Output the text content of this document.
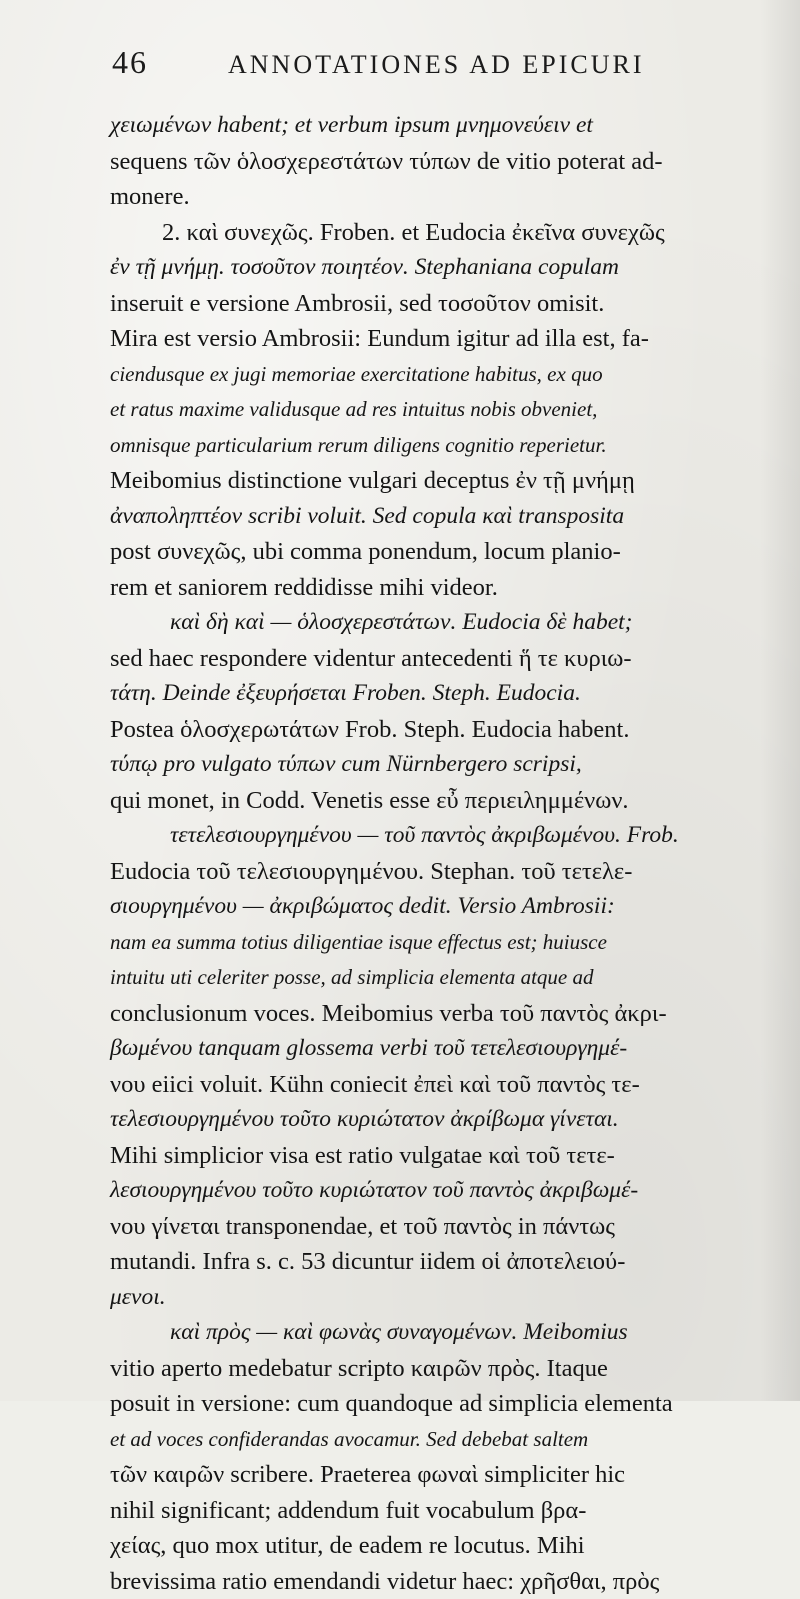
46	ANNOTATIONES AD EPICURI
χειωμένων habent; et verbum ipsum μνημονεύειν et
sequens τῶν ὁλοσχερεστάτων τύπων de vitio poterat ad-
monere.
2. καὶ συνεχῶς. Froben. et Eudocia ἐκεῖνα συνεχῶς
ἐν τῇ μνήμῃ. τοσοῦτον ποιητέον. Stephaniana copulam
inseruit e versione Ambrosii, sed τοσοῦτον omisit.
Mira est versio Ambrosii: Eundum igitur ad illa est, fa-
ciendusque ex jugi memoriae exercitatione habitus, ex quo
et ratus maxime validusque ad res intuitus nobis obveniet,
omnisque particularium rerum diligens cognitio reperietur.
Meibomius distinctione vulgari deceptus ἐν τῇ μνήμῃ
ἀναποληπτέον scribi voluit. Sed copula καὶ transposita
post συνεχῶς, ubi comma ponendum, locum planio-
rem et saniorem reddidisse mihi videor.
καὶ δὴ καὶ — ὁλοσχερεστάτων. Eudocia δὲ habet;
sed haec respondere videntur antecedenti ἥ τε κυριω-
τάτη. Deinde ἐξευρήσεται Froben. Steph. Eudocia.
Postea ὁλοσχερωτάτων Frob. Steph. Eudocia habent.
τύπῳ pro vulgato τύπων cum Nürnbergero scripsi,
qui monet, in Codd. Venetis esse εὖ περιειλημμένων.
τετελεσιουργημένου — τοῦ παντὸς ἀκριβωμένου. Frob.
Eudocia τοῦ τελεσιουργημένου. Stephan. τοῦ τετελε-
σιουργημένου — ἀκριβώματος dedit. Versio Ambrosii:
nam ea summa totius diligentiae isque effectus est; huiusce
intuitu uti celeriter posse, ad simplicia elementa atque ad
conclusionum voces. Meibomius verba τοῦ παντὸς ἀκρι-
βωμένου tanquam glossema verbi τοῦ τετελεσιουργημέ-
νου eiici voluit. Kühn coniecit ἐπεὶ καὶ τοῦ παντὸς τε-
τελεσιουργημένου τοῦτο κυριώτατον ἀκρίβωμα γίνεται.
Mihi simplicior visa est ratio vulgatae καὶ τοῦ τετε-
λεσιουργημένου τοῦτο κυριώτατον τοῦ παντὸς ἀκριβωμέ-
νου γίνεται transponendae, et τοῦ παντὸς in πάντως
mutandi. Infra s. c. 53 dicuntur iidem οἱ ἀποτελειού-
μενοι.
καὶ πρὸς — καὶ φωνὰς συναγομένων. Meibomius
vitio aperto medebatur scripto καιρῶν πρὸς. Itaque
posuit in versione: cum quandoque ad simplicia elementa
et ad voces confiderandas avocamur. Sed debebat saltem
τῶν καιρῶν scribere. Praeterea φωναὶ simpliciter hic
nihil significant; addendum fuit vocabulum βρα-
χείας, quo mox utitur, de eadem re locutus. Mihi
brevissima ratio emendandi videtur haec: χρῆσθαι, πρὸς
